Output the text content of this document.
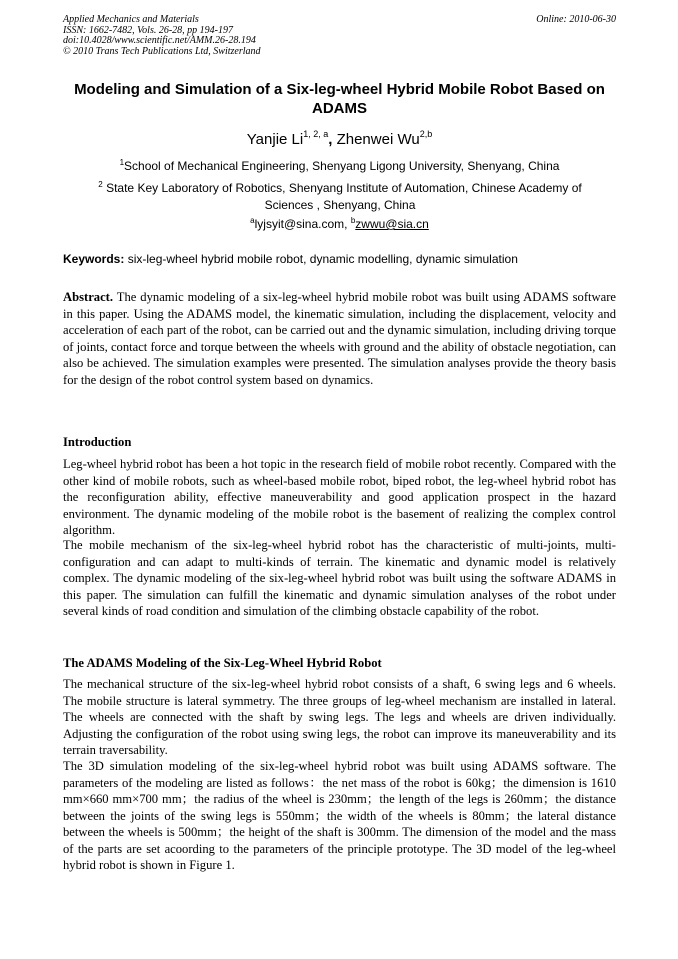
Applied Mechanics and Materials
ISSN: 1662-7482, Vols. 26-28, pp 194-197
doi:10.4028/www.scientific.net/AMM.26-28.194
© 2010 Trans Tech Publications Ltd, Switzerland
Online: 2010-06-30
Modeling and Simulation of a Six-leg-wheel Hybrid Mobile Robot Based on ADAMS
Yanjie Li$^{1, 2, a}$, Zhenwei Wu$^{2,b}$
$^1$School of Mechanical Engineering, Shenyang Ligong University, Shenyang, China
$^2$ State Key Laboratory of Robotics, Shenyang Institute of Automation, Chinese Academy of Sciences , Shenyang, China
$^a$lyjsyit@sina.com, $^b$zwwu@sia.cn
Keywords: six-leg-wheel hybrid mobile robot, dynamic modelling, dynamic simulation
Abstract. The dynamic modeling of a six-leg-wheel hybrid mobile robot was built using ADAMS software in this paper. Using the ADAMS model, the kinematic simulation, including the displacement, velocity and acceleration of each part of the robot, can be carried out and the dynamic simulation, including driving torque of joints, contact force and torque between the wheels with ground and the ability of obstacle negotiation, can also be achieved. The simulation examples were presented. The simulation analyses provide the theory basis for the design of the robot control system based on dynamics.
Introduction
Leg-wheel hybrid robot has been a hot topic in the research field of mobile robot recently. Compared with the other kind of mobile robots, such as wheel-based mobile robot, biped robot, the leg-wheel hybrid robot has the reconfiguration ability, effective maneuverability and good application prospect in the hazard environment. The dynamic modeling of the mobile robot is the basement of realizing the complex control algorithm.
The mobile mechanism of the six-leg-wheel hybrid robot has the characteristic of multi-joints, multi-configuration and can adapt to multi-kinds of terrain. The kinematic and dynamic model is relatively complex. The dynamic modeling of the six-leg-wheel hybrid robot was built using the software ADAMS in this paper. The simulation can fulfill the kinematic and dynamic simulation analyses of the robot under several kinds of road condition and simulation of the climbing obstacle capability of the robot.
The ADAMS Modeling of the Six-Leg-Wheel Hybrid Robot
The mechanical structure of the six-leg-wheel hybrid robot consists of a shaft, 6 swing legs and 6 wheels. The mobile structure is lateral symmetry. The three groups of leg-wheel mechanism are installed in lateral. The wheels are connected with the shaft by swing legs. The legs and wheels are driven individually. Adjusting the configuration of the robot using swing legs, the robot can improve its maneuverability and its terrain traversability.
The 3D simulation modeling of the six-leg-wheel hybrid robot was built using ADAMS software. The parameters of the modeling are listed as follows：the net mass of the robot is 60kg；the dimension is 1610 mm×660 mm×700 mm；the radius of the wheel is 230mm；the length of the legs is 260mm；the distance between the joints of the swing legs is 550mm；the width of the wheels is 80mm；the lateral distance between the wheels is 500mm；the height of the shaft is 300mm. The dimension of the model and the mass of the parts are set acoording to the parameters of the principle prototype. The 3D model of the leg-wheel hybrid robot is shown in Figure 1.
